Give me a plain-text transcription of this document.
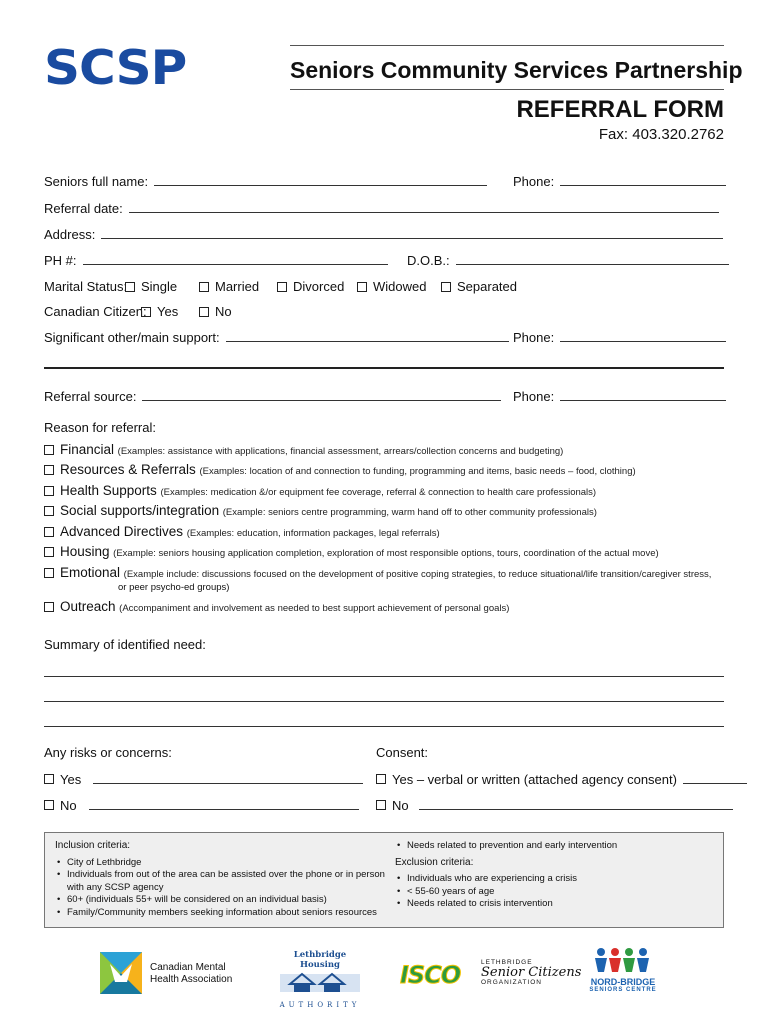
SCSP	Seniors Community Services Partnership
REFERRAL FORM
Fax: 403.320.2762
Seniors full name:	Phone:
Referral date:
Address:
PH #:	D.O.B.:
Marital Status: Single	Married	Divorced Widowed Separated
Canadian Citizen: Yes	No
Significant other/main support:	Phone:
Referral source:	Phone:
Reason for referral:
Financial (Examples: assistance with applications, financial assessment, arrears/collection concerns and budgeting)
Resources & Referrals (Examples: location of and connection to funding, programming and items, basic needs – food, clothing)
Health Supports (Examples: medication &/or equipment fee coverage, referral & connection to health care professionals)
Social supports/integration (Example: seniors centre programming, warm hand off to other community professionals)
Advanced Directives (Examples: education, information packages, legal referrals)
Housing (Example: seniors housing application completion, exploration of most responsible options, tours, coordination of the actual move)
Emotional (Example include: discussions focused on the development of positive coping strategies, to reduce situational/life transition/caregiver stress,
or peer psycho-ed groups)
Outreach (Accompaniment and involvement as needed to best support achievement of personal goals)
Summary of identified need:
Any risks or concerns:	Consent:
Yes	Yes – verbal or written (attached agency consent)
No	No
Inclusion criteria:
• City of Lethbridge
• Individuals from out of the area can be assisted over the phone or in person
with any SCSP agency
• 60+ (individuals 55+ will be considered on an individual basis)
• Family/Community members seeking information about seniors resources
• Needs related to prevention and early intervention
Exclusion criteria:
• Individuals who are experiencing a crisis
• < 55-60 years of age
• Needs related to crisis intervention
Canadian Mental
Health Association
Lethbridge Housing
AUTHORITY
ISCO	LETHBRIDGE
Senior Citizens
ORGANIZATION	NORD-BRIDGE
SENIORS CENTRE
